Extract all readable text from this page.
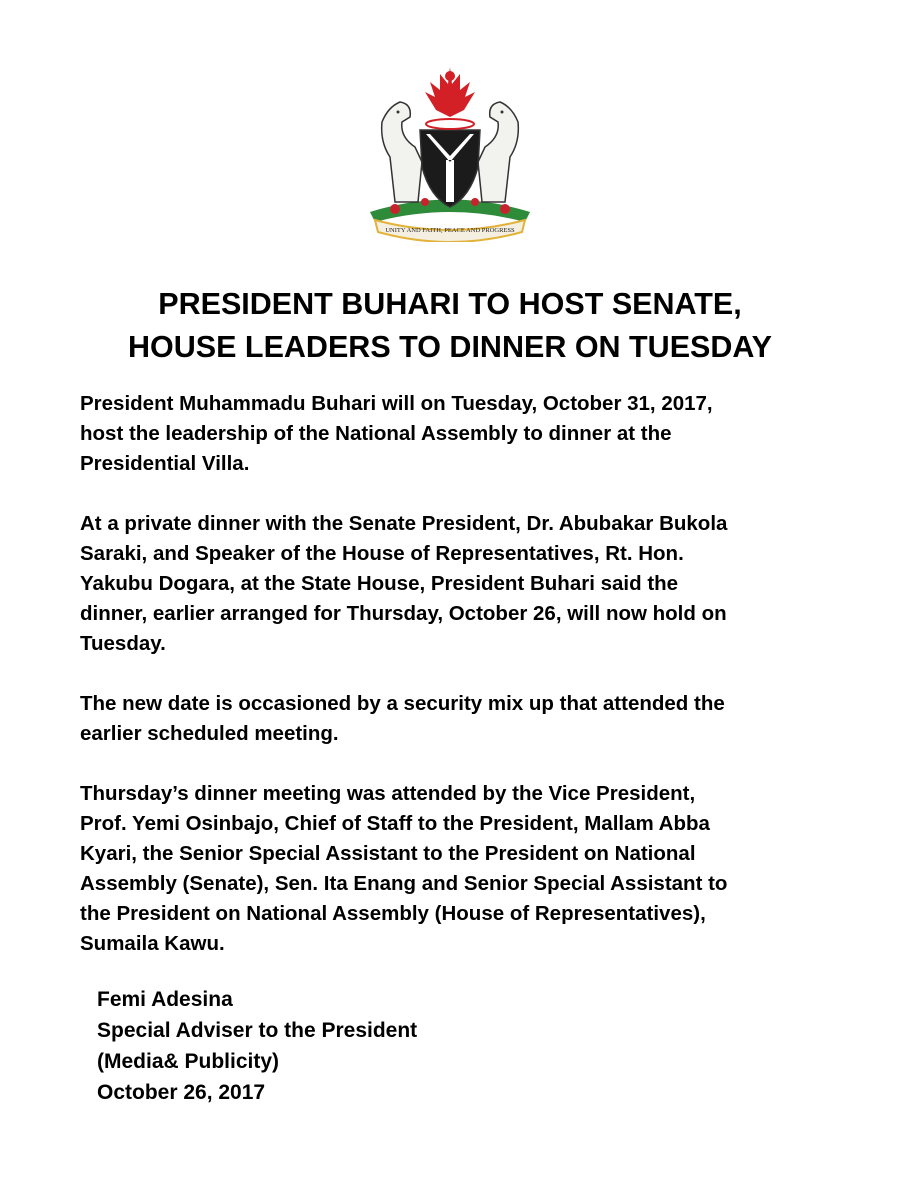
UNITY AND FAITH, PEACE AND PROGRESS
PRESIDENT BUHARI TO HOST SENATE,
HOUSE LEADERS TO DINNER ON TUESDAY
President Muhammadu Buhari will on Tuesday, October 31, 2017,
host the leadership of the National Assembly to dinner at the
Presidential Villa.
At a private dinner with the Senate President, Dr. Abubakar Bukola
Saraki, and Speaker of the House of Representatives, Rt. Hon.
Yakubu Dogara, at the State House, President Buhari said the
dinner, earlier arranged for Thursday, October 26, will now hold on
Tuesday.
The new date is occasioned by a security mix up that attended the
earlier scheduled meeting.
Thursday’s dinner meeting was attended by the Vice President,
Prof. Yemi Osinbajo, Chief of Staff to the President, Mallam Abba
Kyari, the Senior Special Assistant to the President on National
Assembly (Senate), Sen. Ita Enang and Senior Special Assistant to
the President on National Assembly (House of Representatives),
Sumaila Kawu.
Femi Adesina
Special Adviser to the President
(Media& Publicity)
October 26, 2017
